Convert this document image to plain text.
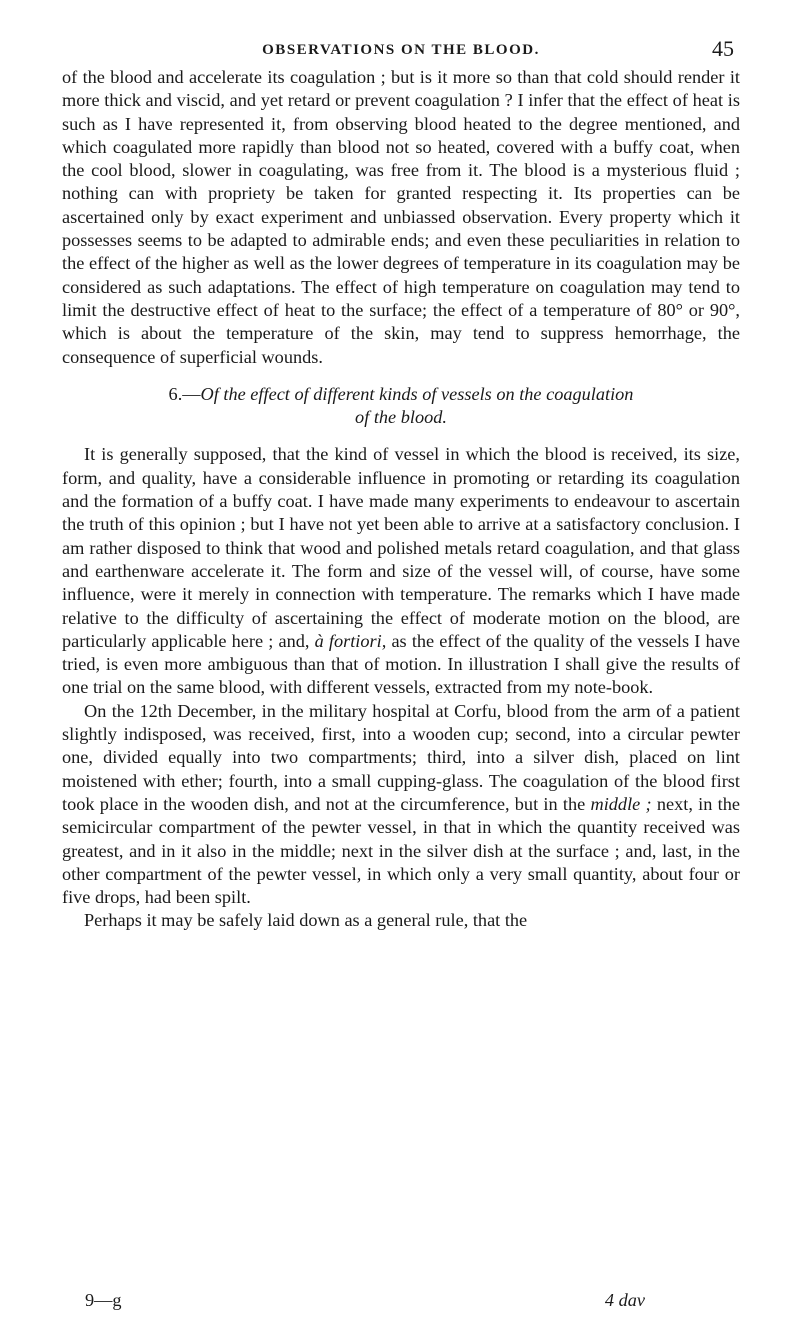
OBSERVATIONS ON THE BLOOD.	45

of the blood and accelerate its coagulation ; but is it more so than that cold should render it more thick and viscid, and yet retard or prevent coagulation ? I infer that the effect of heat is such as I have represented it, from observing blood heated to the degree mentioned, and which coagulated more rapidly than blood not so heated, covered with a buffy coat, when the cool blood, slower in coagulating, was free from it. The blood is a mysterious fluid ; nothing can with propriety be taken for granted respecting it. Its properties can be ascertained only by exact experiment and unbiassed observation. Every property which it possesses seems to be adapted to admirable ends; and even these peculiarities in relation to the effect of the higher as well as the lower degrees of temperature in its coagulation may be considered as such adaptations. The effect of high temperature on coagulation may tend to limit the destructive effect of heat to the surface; the effect of a temperature of 80° or 90°, which is about the temperature of the skin, may tend to suppress hemorrhage, the consequence of superficial wounds.

6.—Of the effect of different kinds of vessels on the coagulation
of the blood.

It is generally supposed, that the kind of vessel in which the blood is received, its size, form, and quality, have a considerable influence in promoting or retarding its coagulation and the formation of a buffy coat. I have made many experiments to endeavour to ascertain the truth of this opinion ; but I have not yet been able to arrive at a satisfactory conclusion. I am rather disposed to think that wood and polished metals retard coagulation, and that glass and earthenware accelerate it. The form and size of the vessel will, of course, have some influence, were it merely in connection with temperature. The remarks which I have made relative to the difficulty of ascertaining the effect of moderate motion on the blood, are particularly applicable here ; and, à fortiori, as the effect of the quality of the vessels I have tried, is even more ambiguous than that of motion. In illustration I shall give the results of one trial on the same blood, with different vessels, extracted from my note-book.

On the 12th December, in the military hospital at Corfu, blood from the arm of a patient slightly indisposed, was received, first, into a wooden cup; second, into a circular pewter one, divided equally into two compartments; third, into a silver dish, placed on lint moistened with ether; fourth, into a small cupping-glass. The coagulation of the blood first took place in the wooden dish, and not at the circumference, but in the middle ; next, in the semicircular compartment of the pewter vessel, in that in which the quantity received was greatest, and in it also in the middle; next in the silver dish at the surface ; and, last, in the other compartment of the pewter vessel, in which only a very small quantity, about four or five drops, had been spilt.

Perhaps it may be safely laid down as a general rule, that the

9—g	4 dav
